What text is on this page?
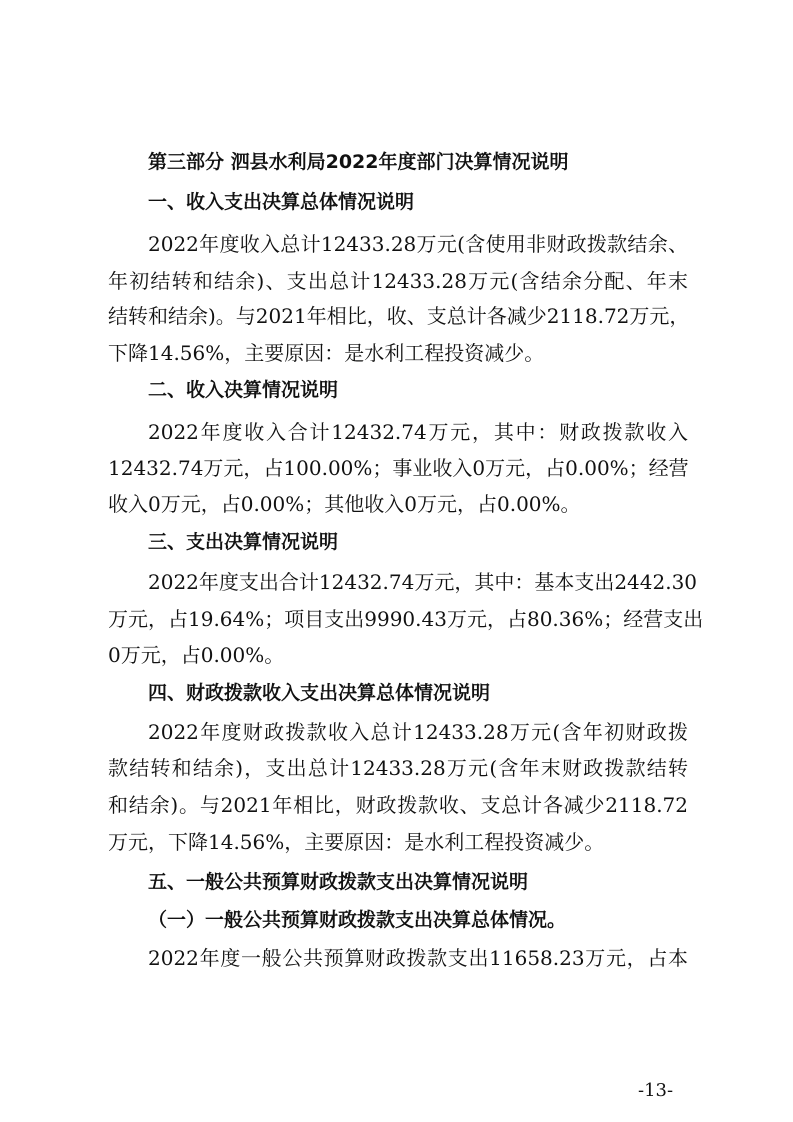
第三部分 泗县水利局2022年度部门决算情况说明
一、收入支出决算总体情况说明
2022年度收入总计12433.28万元(含使用非财政拨款结余、
年初结转和结余)、支出总计12433.28万元(含结余分配、年末
结转和结余)。与2021年相比，收、支总计各减少2118.72万元，
下降14.56%，主要原因：是水利工程投资减少。
二、收入决算情况说明
2022年度收入合计12432.74万元，其中：财政拨款收入
12432.74万元，占100.00%；事业收入0万元，占0.00%；经营
收入0万元，占0.00%；其他收入0万元，占0.00%。
三、支出决算情况说明
2022年度支出合计12432.74万元，其中：基本支出2442.30
万元，占19.64%；项目支出9990.43万元，占80.36%；经营支出
0万元，占0.00%。
四、财政拨款收入支出决算总体情况说明
2022年度财政拨款收入总计12433.28万元(含年初财政拨
款结转和结余)，支出总计12433.28万元(含年末财政拨款结转
和结余)。与2021年相比，财政拨款收、支总计各减少2118.72
万元，下降14.56%，主要原因：是水利工程投资减少。
五、一般公共预算财政拨款支出决算情况说明
（一）一般公共预算财政拨款支出决算总体情况。
2022年度一般公共预算财政拨款支出11658.23万元，占本
-13-
